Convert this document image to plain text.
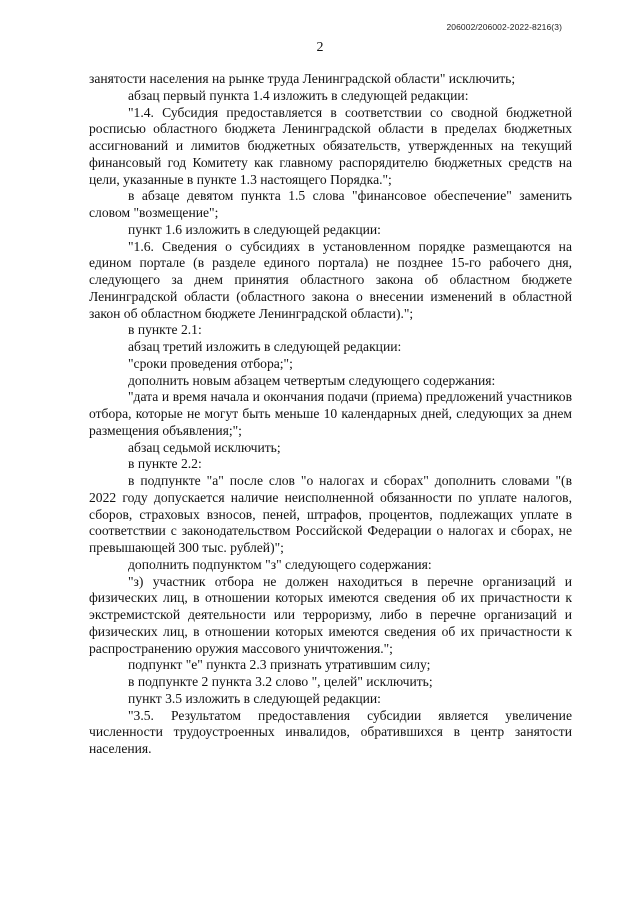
206002/206002-2022-8216(3)
2

занятости населения на рынке труда Ленинградской области" исключить;

абзац первый пункта 1.4 изложить в следующей редакции:

"1.4. Субсидия предоставляется в соответствии со сводной бюджетной росписью областного бюджета Ленинградской области в пределах бюджетных ассигнований и лимитов бюджетных обязательств, утвержденных на текущий финансовый год Комитету как главному распорядителю бюджетных средств на цели, указанные в пункте 1.3 настоящего Порядка.";

в абзаце девятом пункта 1.5 слова "финансовое обеспечение" заменить словом "возмещение";

пункт 1.6 изложить в следующей редакции:

"1.6. Сведения о субсидиях в установленном порядке размещаются на едином портале (в разделе единого портала) не позднее 15-го рабочего дня, следующего за днем принятия областного закона об областном бюджете Ленинградской области (областного закона о внесении изменений в областной закон об областном бюджете Ленинградской области).";

в пункте 2.1:

абзац третий изложить в следующей редакции:

"сроки проведения отбора;";

дополнить новым абзацем четвертым следующего содержания:

"дата и время начала и окончания подачи (приема) предложений участников отбора, которые не могут быть меньше 10 календарных дней, следующих за днем размещения объявления;";

абзац седьмой исключить;

в пункте 2.2:

в подпункте "а" после слов "о налогах и сборах" дополнить словами "(в 2022 году допускается наличие неисполненной обязанности по уплате налогов, сборов, страховых взносов, пеней, штрафов, процентов, подлежащих уплате в соответствии с законодательством Российской Федерации о налогах и сборах, не превышающей 300 тыс. рублей)";

дополнить подпунктом "з" следующего содержания:

"з) участник отбора не должен находиться в перечне организаций и физических лиц, в отношении которых имеются сведения об их причастности к экстремистской деятельности или терроризму, либо в перечне организаций и физических лиц, в отношении которых имеются сведения об их причастности к распространению оружия массового уничтожения.";

подпункт "е" пункта 2.3 признать утратившим силу;

в подпункте 2 пункта 3.2 слово ", целей" исключить;

пункт 3.5 изложить в следующей редакции:

"3.5. Результатом предоставления субсидии является увеличение численности трудоустроенных инвалидов, обратившихся в центр занятости населения.
